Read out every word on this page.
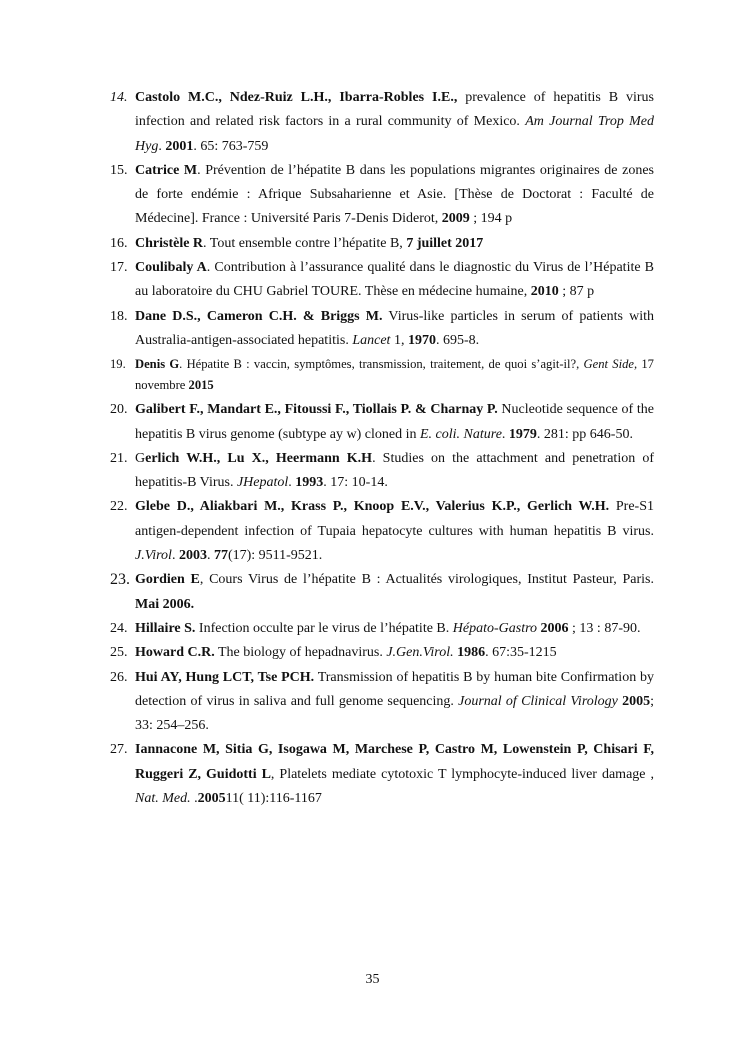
14. Castolo M.C., Ndez-Ruiz L.H., Ibarra-Robles I.E., prevalence of hepatitis B virus infection and related risk factors in a rural community of Mexico. Am Journal Trop Med Hyg. 2001. 65: 763-759
15. Catrice M. Prévention de l’hépatite B dans les populations migrantes originaires de zones de forte endémie : Afrique Subsaharienne et Asie. [Thèse de Doctorat : Faculté de Médecine]. France : Université Paris 7-Denis Diderot, 2009 ; 194 p
16. Christèle R. Tout ensemble contre l’hépatite B, 7 juillet 2017
17. Coulibaly A. Contribution à l’assurance qualité dans le diagnostic du Virus de l’Hépatite B au laboratoire du CHU Gabriel TOURE. Thèse en médecine humaine, 2010 ; 87 p
18. Dane D.S., Cameron C.H. & Briggs M. Virus-like particles in serum of patients with Australia-antigen-associated hepatitis. Lancet 1, 1970. 695-8.
19. Denis G. Hépatite B : vaccin, symptômes, transmission, traitement, de quoi s’agit-il?, Gent Side, 17 novembre 2015
20. Galibert F., Mandart E., Fitoussi F., Tiollais P. & Charnay P. Nucleotide sequence of the hepatitis B virus genome (subtype ay w) cloned in E. coli. Nature. 1979. 281: pp 646-50.
21. Gerlich W.H., Lu X., Heermann K.H. Studies on the attachment and penetration of hepatitis-B Virus. JHepatol. 1993. 17: 10-14.
22. Glebe D., Aliakbari M., Krass P., Knoop E.V., Valerius K.P., Gerlich W.H. Pre-S1 antigen-dependent infection of Tupaia hepatocyte cultures with human hepatitis B virus. J.Virol. 2003. 77(17): 9511-9521.
23. Gordien E, Cours Virus de l’hépatite B : Actualités virologiques, Institut Pasteur, Paris. Mai 2006.
24. Hillaire S. Infection occulte par le virus de l’hépatite B. Hépato-Gastro 2006 ; 13 : 87-90.
25. Howard C.R. The biology of hepadnavirus. J.Gen.Virol. 1986. 67:35-1215
26. Hui AY, Hung LCT, Tse PCH. Transmission of hepatitis B by human bite Confirmation by detection of virus in saliva and full genome sequencing. Journal of Clinical Virology 2005; 33: 254–256.
27. Iannacone M, Sitia G, Isogawa M, Marchese P, Castro M, Lowenstein P, Chisari F, Ruggeri Z, Guidotti L, Platelets mediate cytotoxic T lymphocyte-induced liver damage , Nat. Med. .200511( 11):116-1167
35
